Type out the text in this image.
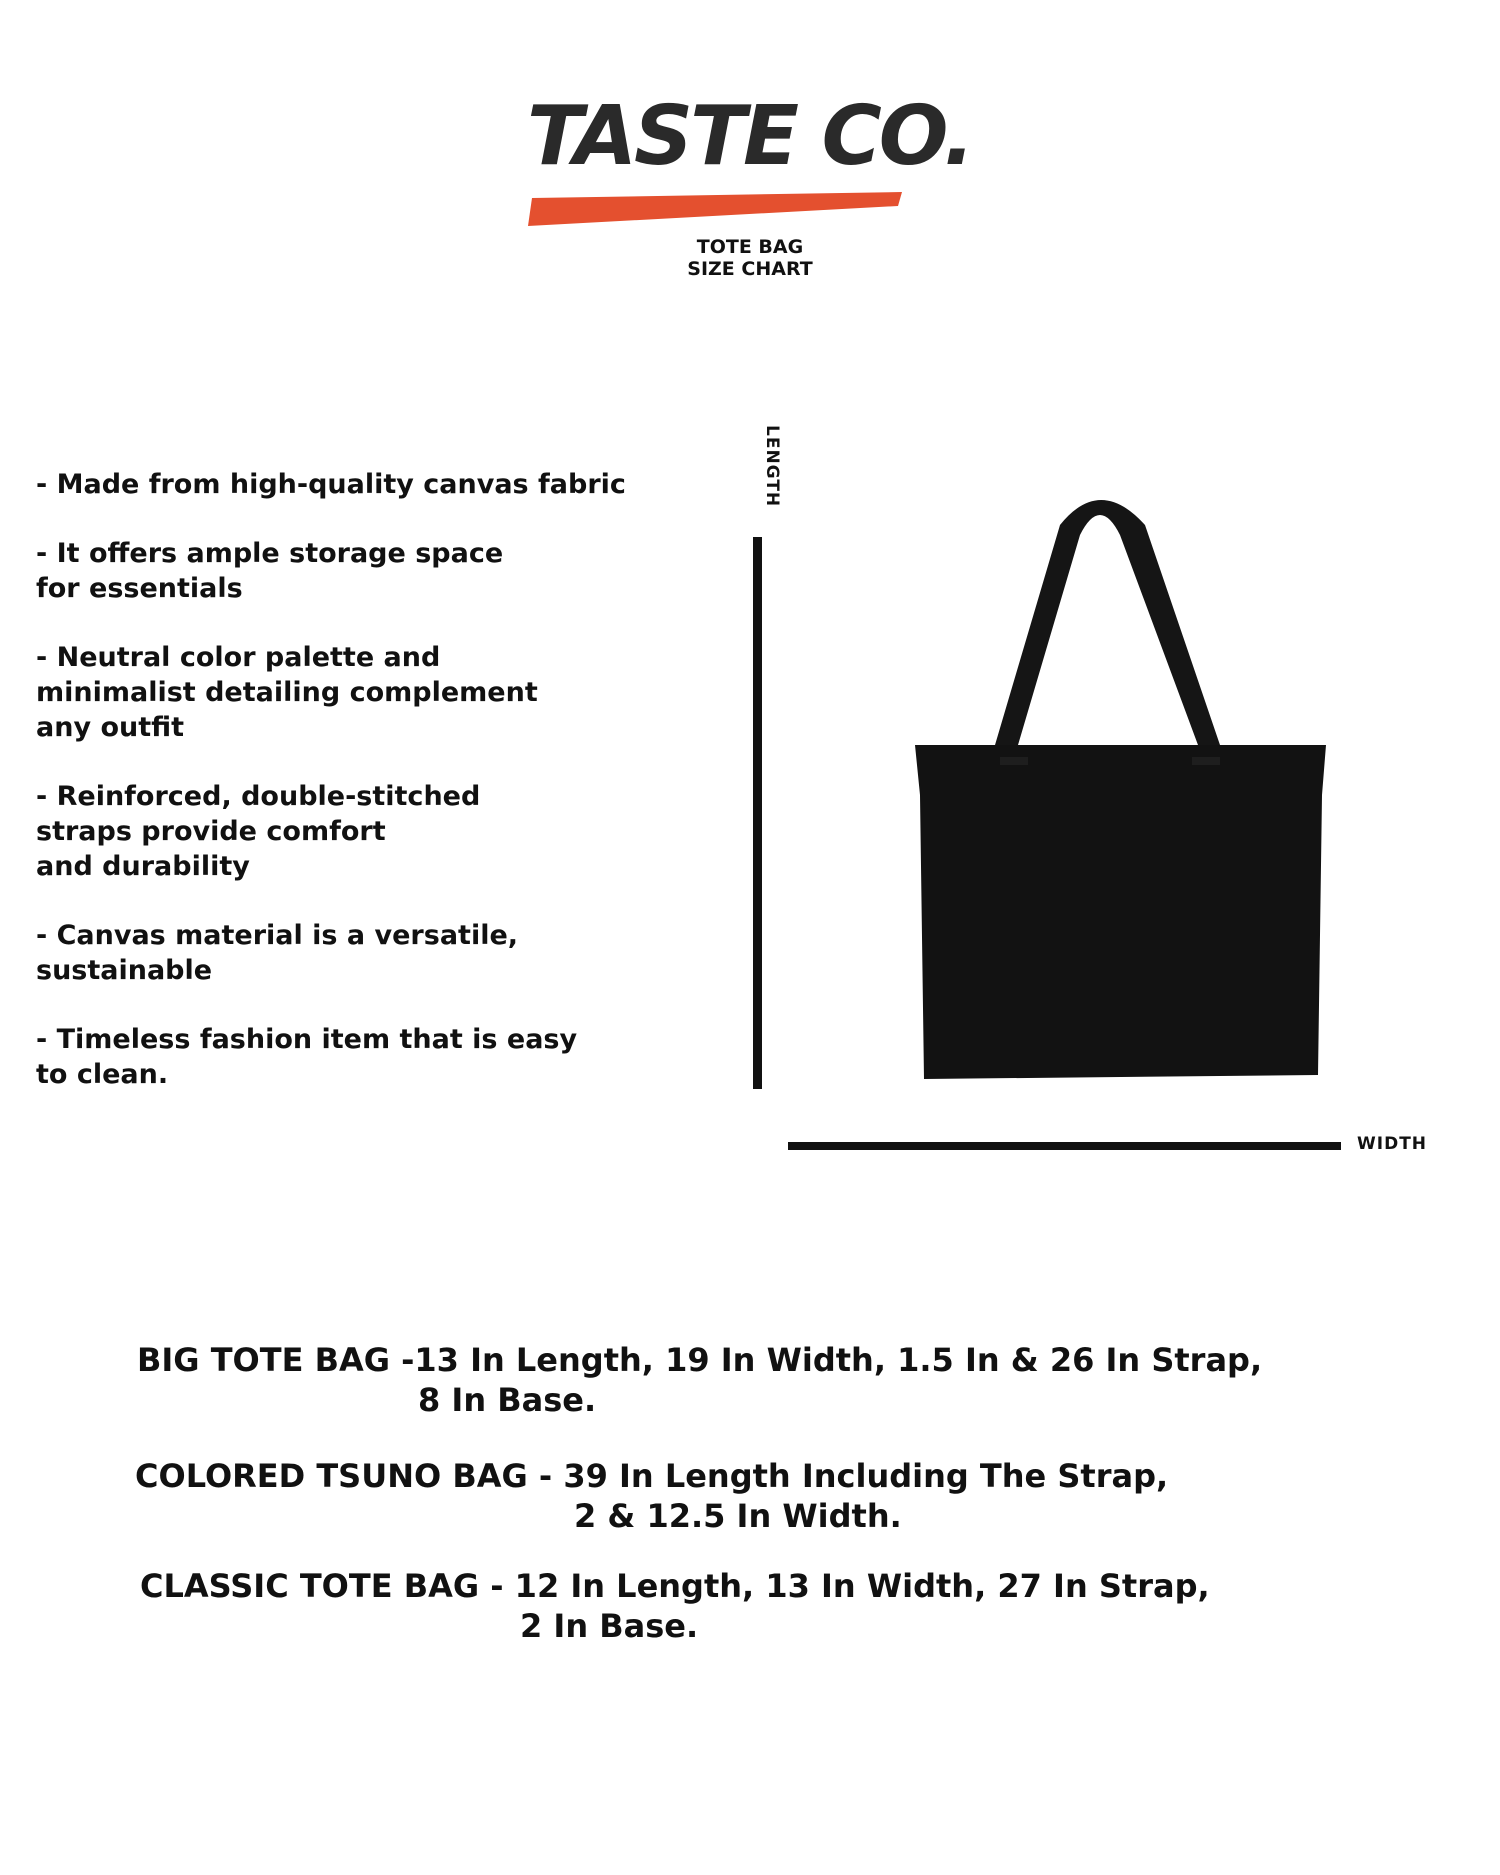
TASTE CO.
TOTE BAG
SIZE CHART
- Made from high-quality canvas fabric
- It offers ample storage space
for essentials
- Neutral color palette and
minimalist detailing complement
any outfit
- Reinforced, double-stitched
straps provide comfort
and durability
- Canvas material is a versatile,
sustainable
- Timeless fashion item that is easy
to clean.
LENGTH
WIDTH
BIG TOTE BAG -13 In Length, 19 In Width, 1.5 In & 26 In Strap,
8 In Base.
COLORED TSUNO BAG - 39 In Length Including The Strap,
2 & 12.5 In Width.
CLASSIC TOTE BAG - 12 In Length, 13 In Width, 27 In Strap,
2 In Base.
